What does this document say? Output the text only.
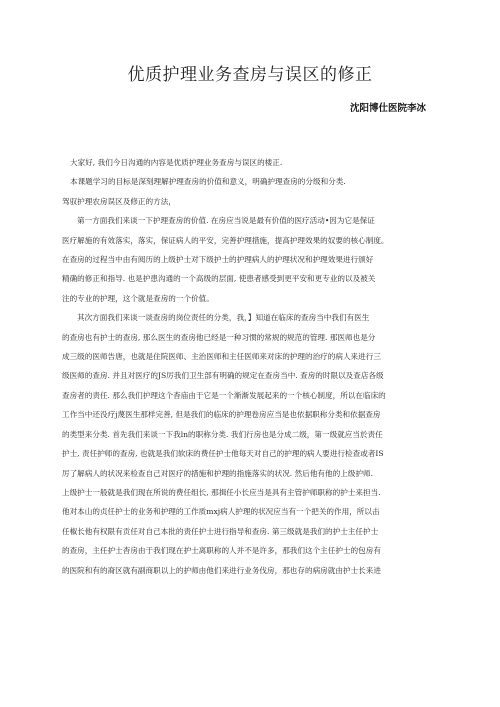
优质护理业务查房与误区的修正
沈阳博仕医院李冰

大家好, 我们今日沟通的内容是优质护理业务查房与误区的楼正.

本课题学习的目标是深刻理解护理查房的价值和意义，明确护理查房的分级和分类.

驾驭护理农房误区及修正的方法，

第一方面我们来谈一下护理查房的价值. 在房应当说是最有价值的医疗活动•因为它是保证

医疗解施的有效落实，落实，保证病人的平安，完善护理措施，提高护理效果的奴要的核心制度。

在查房的过程当中由有阅历的上级护士对下级护士的护理病人的护理状况和护理效果进行颁好

精确的修正和指导. 也是护患沟通的一个高级的层面, 使患者感受到更平安和更专业的以及被关

注的专业的护理，这个就是查房的一个价值。

其次方面我们来谈一谈查房的岗位责任的分类，我，】知道在临床的查房当中我们有医生

的查房也有护士的查房, 那么医生的查房他已经是一种习惯的常规的规范的管理. 那医师也是分

成三级的医师告唐，也就是住院医师、主治医师和主任医师来对床的护理的治疗的病人来进行三

级医师的查房. 并且对医疗的JS厉我们卫生部有明确的规定在查房当中. 查房的时限以及查店各级

查房者的责任. 那么我们护理这个杳庙由于它是一个渐渐发展起来的一个核心制度，所以在临床的

工作当中还没疗j蔑医生那样完善, 但是我们的临床的护理卷房应当是也依据职称分类和依据查房

的类型来分类. 首先我们来谈一下我ln的职称分类. 我们行房也是分成二级，第一级就应当於责任

护士, 责任护师的查房, 也就是我们软床的费任护士他每天对自己的护理的病人要进行检查或者IS

厉了解病人的状况来检查自己对医疗的措施和护理的指施落实的状况. 然后他有他的上级护师.

上级护士一般就是我们现在所说的费任组长, 那揖任小长应当是具有主管护师职称的护士来担当.

他对本山的贞任护士的业务和护理的工作质mxj病人护理的状况应当有一个把关的作用，所以击

任椒长他有权限有贡任对自己本批的责任护士进行指导和查房. 第三级就是我们的护士主任护士

的查房，主任护士杳房由于我们现在护士离职称的人并不是许多，那我们这个主任护士的包房有

的医院和有的裔区就有副商职以上的护师由他们来进行业务伐房，那也存的病房就由护士长来进
